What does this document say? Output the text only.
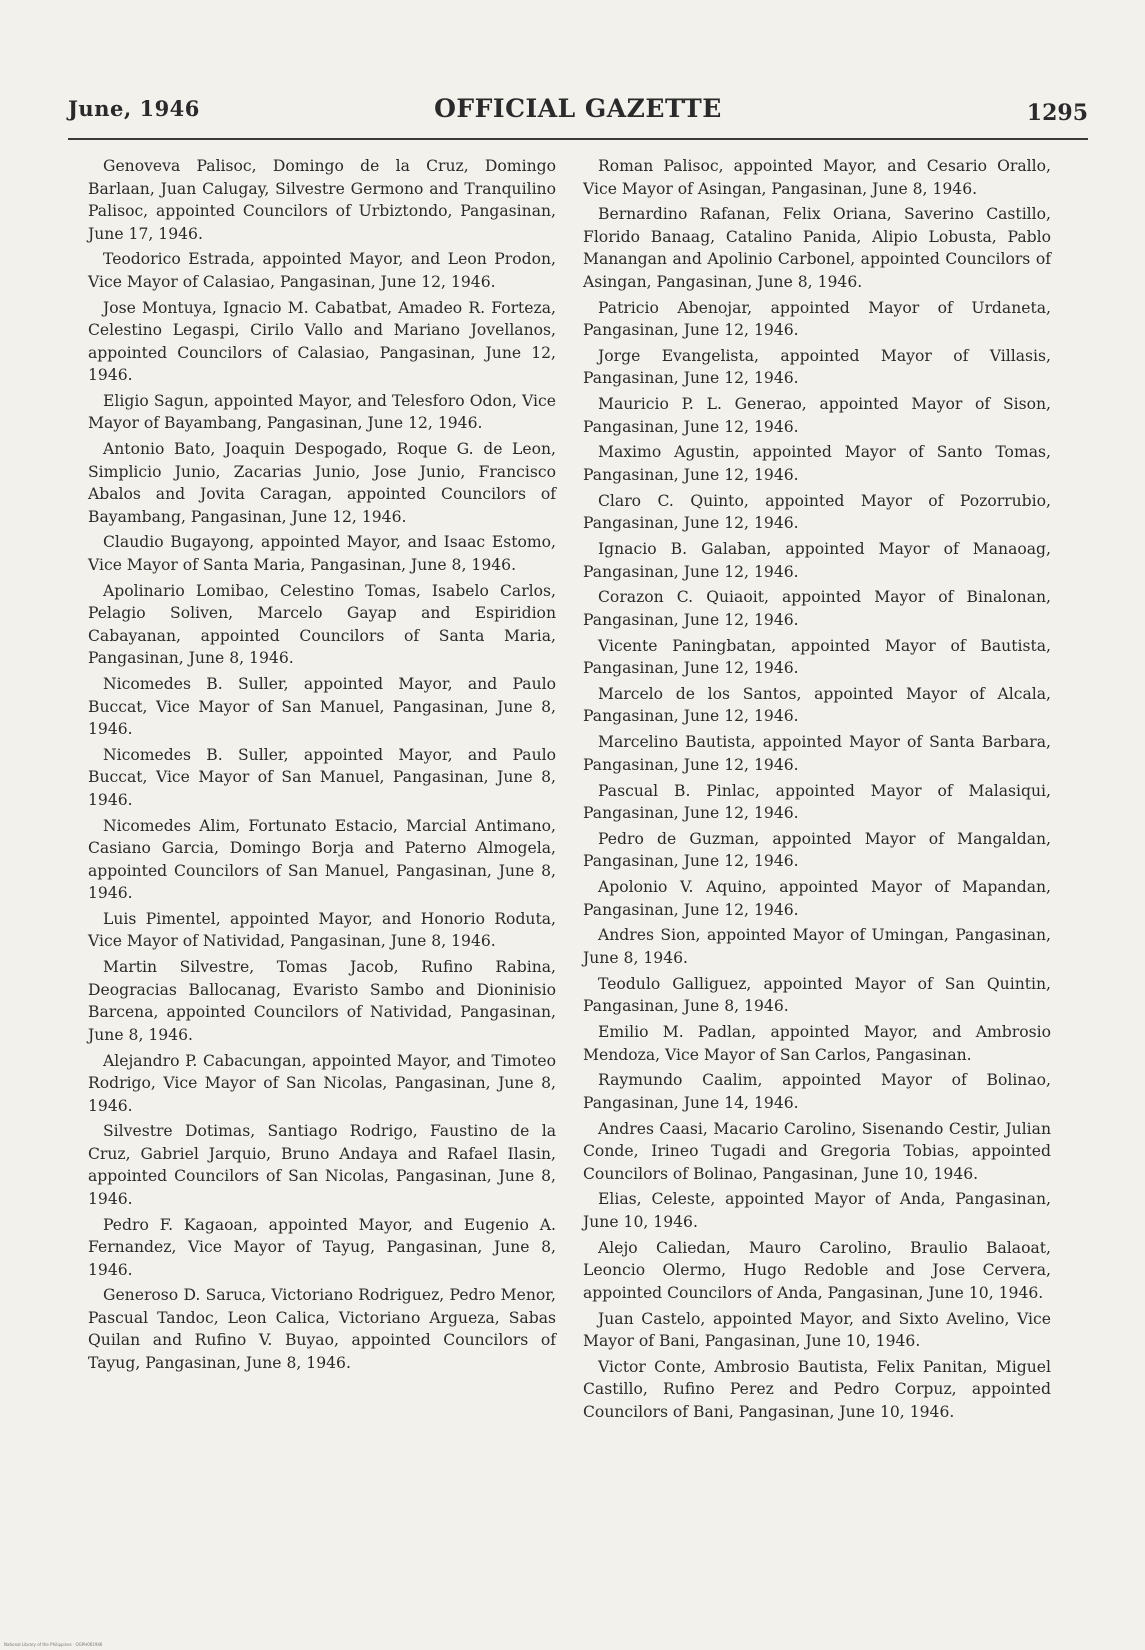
June, 1946	OFFICIAL GAZETTE	1295

Genoveva Palisoc, Domingo de la Cruz, Domingo Barlaan, Juan Calugay, Silvestre Germono and Tranquilino Palisoc, appointed Councilors of Urbiztondo, Pangasinan, June 17, 1946.

Teodorico Estrada, appointed Mayor, and Leon Prodon, Vice Mayor of Calasiao, Pangasinan, June 12, 1946.

Jose Montuya, Ignacio M. Cabatbat, Amadeo R. Forteza, Celestino Legaspi, Cirilo Vallo and Mariano Jovellanos, appointed Councilors of Calasiao, Pangasinan, June 12, 1946.

Eligio Sagun, appointed Mayor, and Telesforo Odon, Vice Mayor of Bayambang, Pangasinan, June 12, 1946.

Antonio Bato, Joaquin Despogado, Roque G. de Leon, Simplicio Junio, Zacarias Junio, Jose Junio, Francisco Abalos and Jovita Caragan, appointed Councilors of Bayambang, Pangasinan, June 12, 1946.

Claudio Bugayong, appointed Mayor, and Isaac Estomo, Vice Mayor of Santa Maria, Pangasinan, June 8, 1946.

Apolinario Lomibao, Celestino Tomas, Isabelo Carlos, Pelagio Soliven, Marcelo Gayap and Espiridion Cabayanan, appointed Councilors of Santa Maria, Pangasinan, June 8, 1946.

Nicomedes B. Suller, appointed Mayor, and Paulo Buccat, Vice Mayor of San Manuel, Pangasinan, June 8, 1946.

Nicomedes B. Suller, appointed Mayor, and Paulo Buccat, Vice Mayor of San Manuel, Pangasinan, June 8, 1946.

Nicomedes Alim, Fortunato Estacio, Marcial Antimano, Casiano Garcia, Domingo Borja and Paterno Almogela, appointed Councilors of San Manuel, Pangasinan, June 8, 1946.

Luis Pimentel, appointed Mayor, and Honorio Roduta, Vice Mayor of Natividad, Pangasinan, June 8, 1946.

Martin Silvestre, Tomas Jacob, Rufino Rabina, Deogracias Ballocanag, Evaristo Sambo and Dioninisio Barcena, appointed Councilors of Natividad, Pangasinan, June 8, 1946.

Alejandro P. Cabacungan, appointed Mayor, and Timoteo Rodrigo, Vice Mayor of San Nicolas, Pangasinan, June 8, 1946.

Silvestre Dotimas, Santiago Rodrigo, Faustino de la Cruz, Gabriel Jarquio, Bruno Andaya and Rafael Ilasin, appointed Councilors of San Nicolas, Pangasinan, June 8, 1946.

Pedro F. Kagaoan, appointed Mayor, and Eugenio A. Fernandez, Vice Mayor of Tayug, Pangasinan, June 8, 1946.

Generoso D. Saruca, Victoriano Rodriguez, Pedro Menor, Pascual Tandoc, Leon Calica, Victoriano Argueza, Sabas Quilan and Rufino V. Buyao, appointed Councilors of Tayug, Pangasinan, June 8, 1946.

Roman Palisoc, appointed Mayor, and Cesario Orallo, Vice Mayor of Asingan, Pangasinan, June 8, 1946.

Bernardino Rafanan, Felix Oriana, Saverino Castillo, Florido Banaag, Catalino Panida, Alipio Lobusta, Pablo Manangan and Apolinio Carbonel, appointed Councilors of Asingan, Pangasinan, June 8, 1946.

Patricio Abenojar, appointed Mayor of Urdaneta, Pangasinan, June 12, 1946.

Jorge Evangelista, appointed Mayor of Villasis, Pangasinan, June 12, 1946.

Mauricio P. L. Generao, appointed Mayor of Sison, Pangasinan, June 12, 1946.

Maximo Agustin, appointed Mayor of Santo Tomas, Pangasinan, June 12, 1946.

Claro C. Quinto, appointed Mayor of Pozorrubio, Pangasinan, June 12, 1946.

Ignacio B. Galaban, appointed Mayor of Manaoag, Pangasinan, June 12, 1946.

Corazon C. Quiaoit, appointed Mayor of Binalonan, Pangasinan, June 12, 1946.

Vicente Paningbatan, appointed Mayor of Bautista, Pangasinan, June 12, 1946.

Marcelo de los Santos, appointed Mayor of Alcala, Pangasinan, June 12, 1946.

Marcelino Bautista, appointed Mayor of Santa Barbara, Pangasinan, June 12, 1946.

Pascual B. Pinlac, appointed Mayor of Malasiqui, Pangasinan, June 12, 1946.

Pedro de Guzman, appointed Mayor of Mangaldan, Pangasinan, June 12, 1946.

Apolonio V. Aquino, appointed Mayor of Mapandan, Pangasinan, June 12, 1946.

Andres Sion, appointed Mayor of Umingan, Pangasinan, June 8, 1946.

Teodulo Galliguez, appointed Mayor of San Quintin, Pangasinan, June 8, 1946.

Emilio M. Padlan, appointed Mayor, and Ambrosio Mendoza, Vice Mayor of San Carlos, Pangasinan.

Raymundo Caalim, appointed Mayor of Bolinao, Pangasinan, June 14, 1946.

Andres Caasi, Macario Carolino, Sisenando Cestir, Julian Conde, Irineo Tugadi and Gregoria Tobias, appointed Councilors of Bolinao, Pangasinan, June 10, 1946.

Elias, Celeste, appointed Mayor of Anda, Pangasinan, June 10, 1946.

Alejo Caliedan, Mauro Carolino, Braulio Balaoat, Leoncio Olermo, Hugo Redoble and Jose Cervera, appointed Councilors of Anda, Pangasinan, June 10, 1946.

Juan Castelo, appointed Mayor, and Sixto Avelino, Vice Mayor of Bani, Pangasinan, June 10, 1946.

Victor Conte, Ambrosio Bautista, Felix Panitan, Miguel Castillo, Rufino Perez and Pedro Corpuz, appointed Councilors of Bani, Pangasinan, June 10, 1946.

National Library of the Philippines · OGPH061946
